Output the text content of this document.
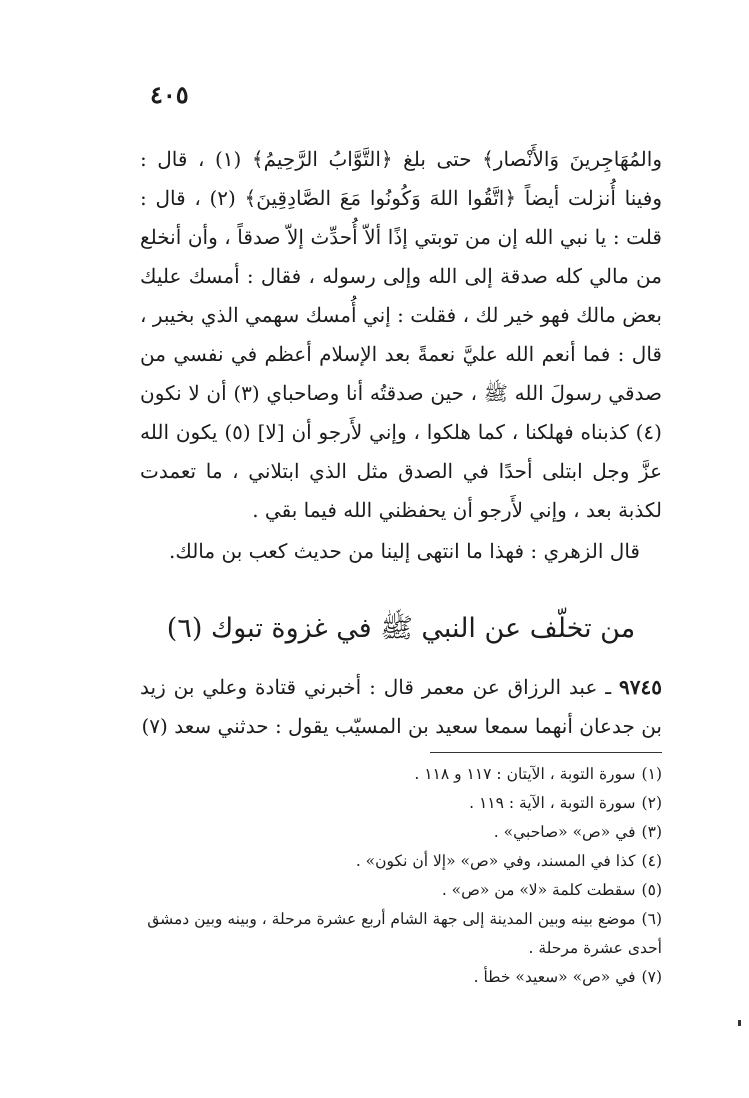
٤٠٥

والمُهَاجِرينَ وَالأَنْصار﴾ حتى بلغ ﴿التَّوَّابُ الرَّحِيمُ﴾ (١) ، قال : وفينا أُنزلت أيضاً ﴿اتَّقُوا اللهَ وَكُونُوا مَعَ الصَّادِقِينَ﴾ (٢) ، قال : قلت : يا نبي الله إن من توبتي إذًا ألاّ أُحدِّث إلاّ صدقاً ، وأن أنخلع من مالي كله صدقة إلى الله وإلى رسوله ، فقال : أمسك عليك بعض مالك فهو خير لك ، فقلت : إني أُمسك سهمي الذي بخيبر ، قال : فما أنعم الله عليَّ نعمةً بعد الإسلام أعظم في نفسي من صدقي رسولَ الله ﷺ ، حين صدقتُه أنا وصاحباي (٣) أن لا نكون (٤) كذبناه فهلكنا ، كما هلكوا ، وإني لأَرجو أن [لا] (٥) يكون الله عزَّ وجل ابتلى أحدًا في الصدق مثل الذي ابتلاني ، ما تعمدت لكذبة بعد ، وإني لأَرجو أن يحفظني الله فيما بقي .

قال الزهري : فهذا ما انتهى إلينا من حديث كعب بن مالك.

من تخلّف عن النبي ﷺ في غزوة تبوك (٦)

٩٧٤٥ ـ عبد الرزاق عن معمر قال : أخبرني قتادة وعلي بن زيد بن جدعان أنهما سمعا سعيد بن المسيّب يقول : حدثني سعد (٧)

(١)سورة التوبة ، الآيتان : ١١٧ و ١١٨ .
(٢)سورة التوبة ، الآية : ١١٩ .
(٣)في «ص» «صاحبي» .
(٤)كذا في المسند، وفي «ص» «إلا أن نكون» .
(٥)سقطت كلمة «لا» من «ص» .
(٦)موضع بينه وبين المدينة إلى جهة الشام أربع عشرة مرحلة ، وبينه وبين دمشق أحدى عشرة مرحلة .
(٧)في «ص» «سعيد» خطأ .
